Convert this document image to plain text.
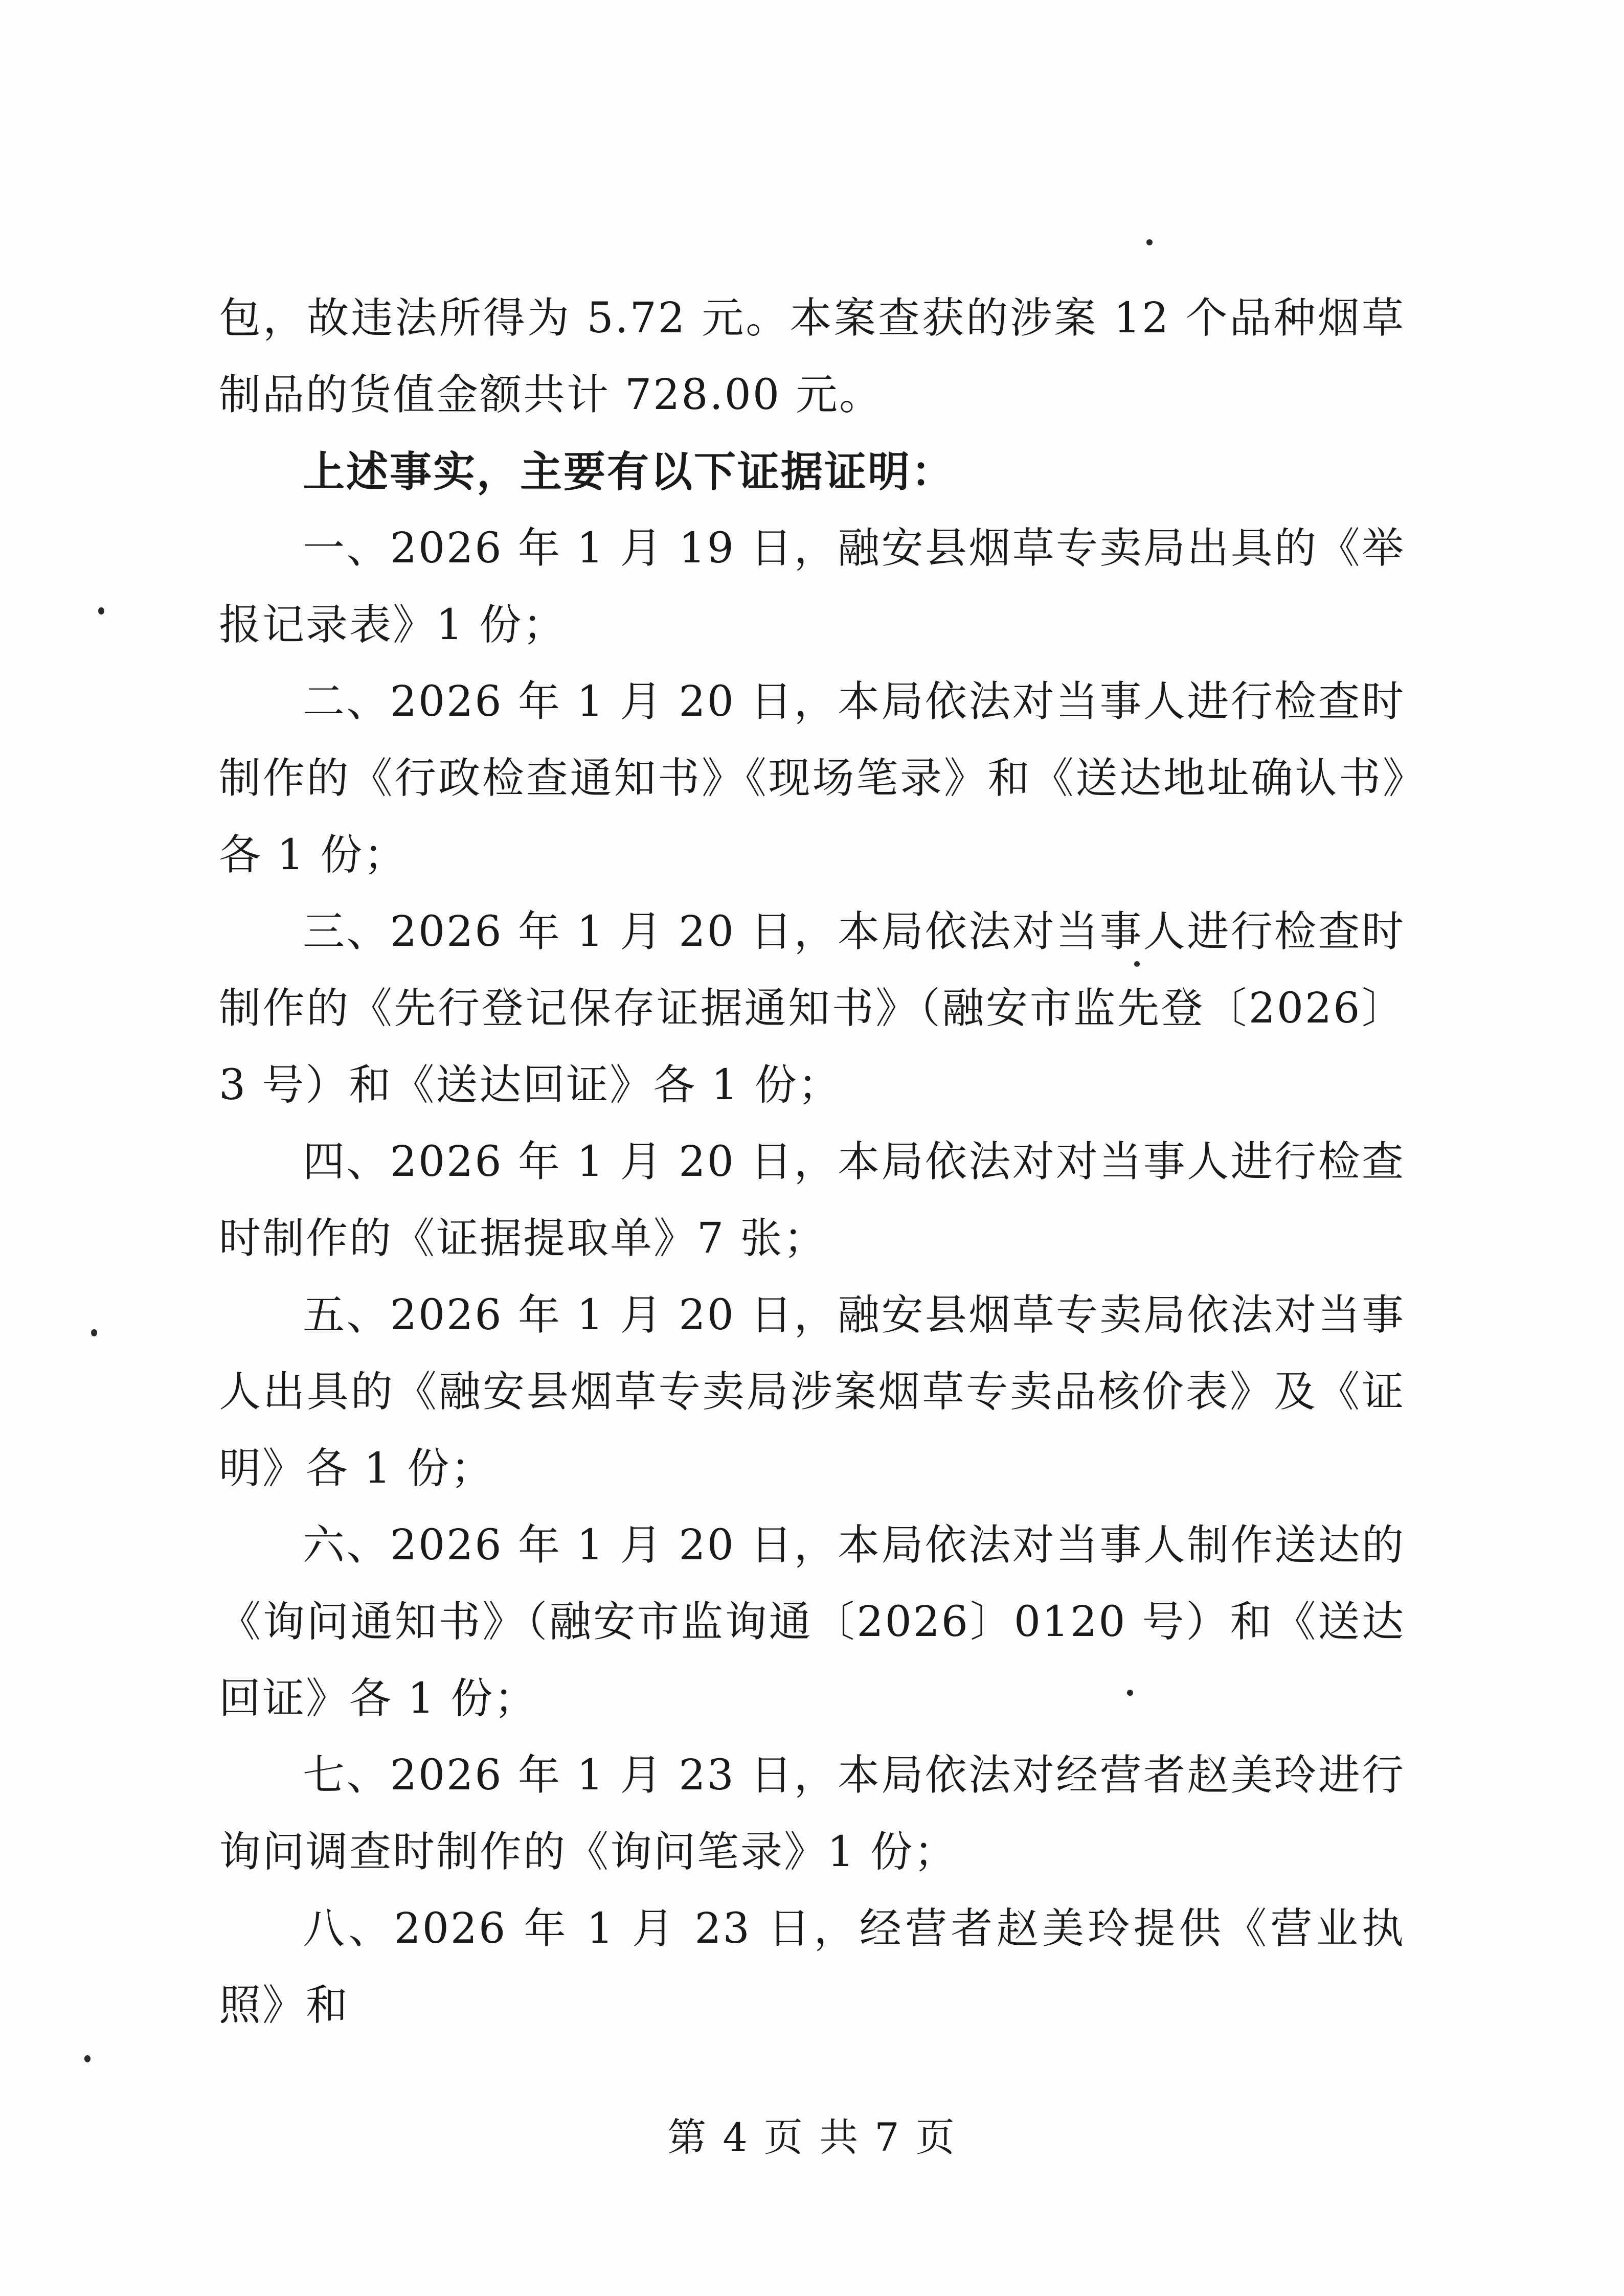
包，故违法所得为 5.72 元。本案查获的涉案 12 个品种烟草制品的货值金额共计 728.00 元。

上述事实，主要有以下证据证明：

一、2026 年 1 月 19 日，融安县烟草专卖局出具的《举报记录表》1 份；

二、2026 年 1 月 20 日，本局依法对当事人进行检查时制作的《行政检查通知书》《现场笔录》和《送达地址确认书》各 1 份；

三、2026 年 1 月 20 日，本局依法对当事人进行检查时制作的《先行登记保存证据通知书》（融安市监先登〔2026〕3 号）和《送达回证》各 1 份；

四、2026 年 1 月 20 日，本局依法对对当事人进行检查时制作的《证据提取单》7 张；

五、2026 年 1 月 20 日，融安县烟草专卖局依法对当事人出具的《融安县烟草专卖局涉案烟草专卖品核价表》及《证明》各 1 份；

六、2026 年 1 月 20 日，本局依法对当事人制作送达的《询问通知书》（融安市监询通〔2026〕0120 号）和《送达回证》各 1 份；

七、2026 年 1 月 23 日，本局依法对经营者赵美玲进行询问调查时制作的《询问笔录》1 份；

八、2026 年 1 月 23 日，经营者赵美玲提供《营业执照》和

第 4 页 共 7 页
